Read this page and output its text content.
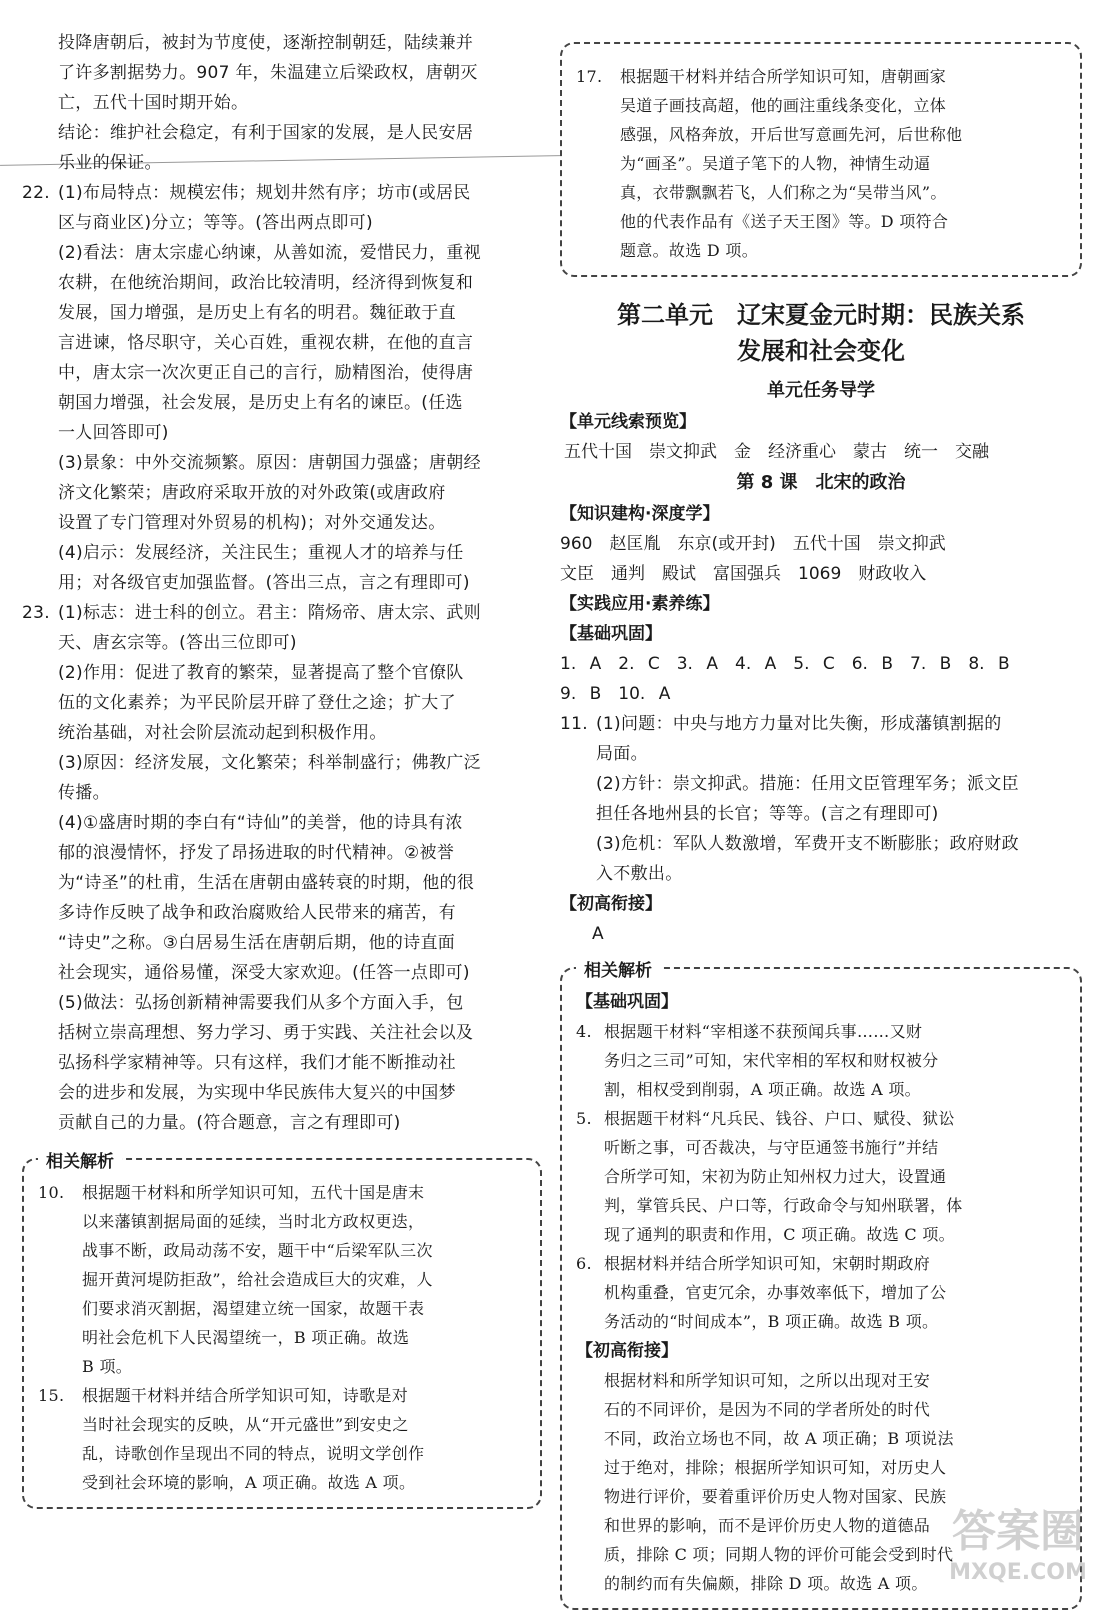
投降唐朝后，被封为节度使，逐渐控制朝廷，陆续兼并
了许多割据势力。907 年，朱温建立后梁政权，唐朝灭
亡，五代十国时期开始。
结论：维护社会稳定，有利于国家的发展，是人民安居
乐业的保证。
22. (1)布局特点：规模宏伟；规划井然有序；坊市(或居民
区与商业区)分立；等等。(答出两点即可)
(2)看法：唐太宗虚心纳谏，从善如流，爱惜民力，重视
农耕，在他统治期间，政治比较清明，经济得到恢复和
发展，国力增强，是历史上有名的明君。魏征敢于直
言进谏，恪尽职守，关心百姓，重视农耕，在他的直言
中，唐太宗一次次更正自己的言行，励精图治，使得唐
朝国力增强，社会发展，是历史上有名的谏臣。(任选
一人回答即可)
(3)景象：中外交流频繁。原因：唐朝国力强盛；唐朝经
济文化繁荣；唐政府采取开放的对外政策(或唐政府
设置了专门管理对外贸易的机构)；对外交通发达。
(4)启示：发展经济，关注民生；重视人才的培养与任
用；对各级官吏加强监督。(答出三点，言之有理即可)
23. (1)标志：进士科的创立。君主：隋炀帝、唐太宗、武则
天、唐玄宗等。(答出三位即可)
(2)作用：促进了教育的繁荣，显著提高了整个官僚队
伍的文化素养；为平民阶层开辟了登仕之途；扩大了
统治基础，对社会阶层流动起到积极作用。
(3)原因：经济发展，文化繁荣；科举制盛行；佛教广泛
传播。
(4)①盛唐时期的李白有“诗仙”的美誉，他的诗具有浓
郁的浪漫情怀，抒发了昂扬进取的时代精神。②被誉
为“诗圣”的杜甫，生活在唐朝由盛转衰的时期，他的很
多诗作反映了战争和政治腐败给人民带来的痛苦，有
“诗史”之称。③白居易生活在唐朝后期，他的诗直面
社会现实，通俗易懂，深受大家欢迎。(任答一点即可)
(5)做法：弘扬创新精神需要我们从多个方面入手，包
括树立崇高理想、努力学习、勇于实践、关注社会以及
弘扬科学家精神等。只有这样，我们才能不断推动社
会的进步和发展，为实现中华民族伟大复兴的中国梦
贡献自己的力量。(符合题意，言之有理即可)
相关解析
10.	根据题干材料和所学知识可知，五代十国是唐末
以来藩镇割据局面的延续，当时北方政权更迭，
战事不断，政局动荡不安，题干中“后梁军队三次
掘开黄河堤防拒敌”，给社会造成巨大的灾难，人
们要求消灭割据，渴望建立统一国家，故题干表
明社会危机下人民渴望统一，B 项正确。故选
B 项。
15.	根据题干材料并结合所学知识可知，诗歌是对
当时社会现实的反映，从“开元盛世”到安史之
乱，诗歌创作呈现出不同的特点，说明文学创作
受到社会环境的影响，A 项正确。故选 A 项。
17.	根据题干材料并结合所学知识可知，唐朝画家
吴道子画技高超，他的画注重线条变化，立体
感强，风格奔放，开后世写意画先河，后世称他
为“画圣”。吴道子笔下的人物，神情生动逼
真，衣带飘飘若飞，人们称之为“吴带当风”。
他的代表作品有《送子天王图》等。D 项符合
题意。故选 D 项。
第二单元　辽宋夏金元时期：民族关系
发展和社会变化
单元任务导学
【单元线索预览】
五代十国　崇文抑武　金　经济重心　蒙古　统一　交融
第 8 课　北宋的政治
【知识建构·深度学】
960　赵匡胤　东京(或开封)　五代十国　崇文抑武
文臣　通判　殿试　富国强兵　1069　财政收入
【实践应用·素养练】
【基础巩固】
1. A　2. C　3. A　4. A　5. C　6. B　7. B　8. B
9. B　10. A
11. (1)问题：中央与地方力量对比失衡，形成藩镇割据的
局面。
(2)方针：崇文抑武。措施：任用文臣管理军务；派文臣
担任各地州县的长官；等等。(言之有理即可)
(3)危机：军队人数激增，军费开支不断膨胀；政府财政
入不敷出。
【初高衔接】
A
相关解析
【基础巩固】
4. 根据题干材料“宰相遂不获预闻兵事……又财
务归之三司”可知，宋代宰相的军权和财权被分
割，相权受到削弱，A 项正确。故选 A 项。
5. 根据题干材料“凡兵民、钱谷、户口、赋役、狱讼
听断之事，可否裁决，与守臣通签书施行”并结
合所学可知，宋初为防止知州权力过大，设置通
判，掌管兵民、户口等，行政命令与知州联署，体
现了通判的职责和作用，C 项正确。故选 C 项。
6. 根据材料并结合所学知识可知，宋朝时期政府
机构重叠，官吏冗余，办事效率低下，增加了公
务活动的“时间成本”，B 项正确。故选 B 项。
【初高衔接】
根据材料和所学知识可知，之所以出现对王安
石的不同评价，是因为不同的学者所处的时代
不同，政治立场也不同，故 A 项正确；B 项说法
过于绝对，排除；根据所学知识可知，对历史人
物进行评价，要着重评价历史人物对国家、民族
和世界的影响，而不是评价历史人物的道德品
质，排除 C 项；同期人物的评价可能会受到时代
的制约而有失偏颇，排除 D 项。故选 A 项。
答案圈
MXQE.COM
